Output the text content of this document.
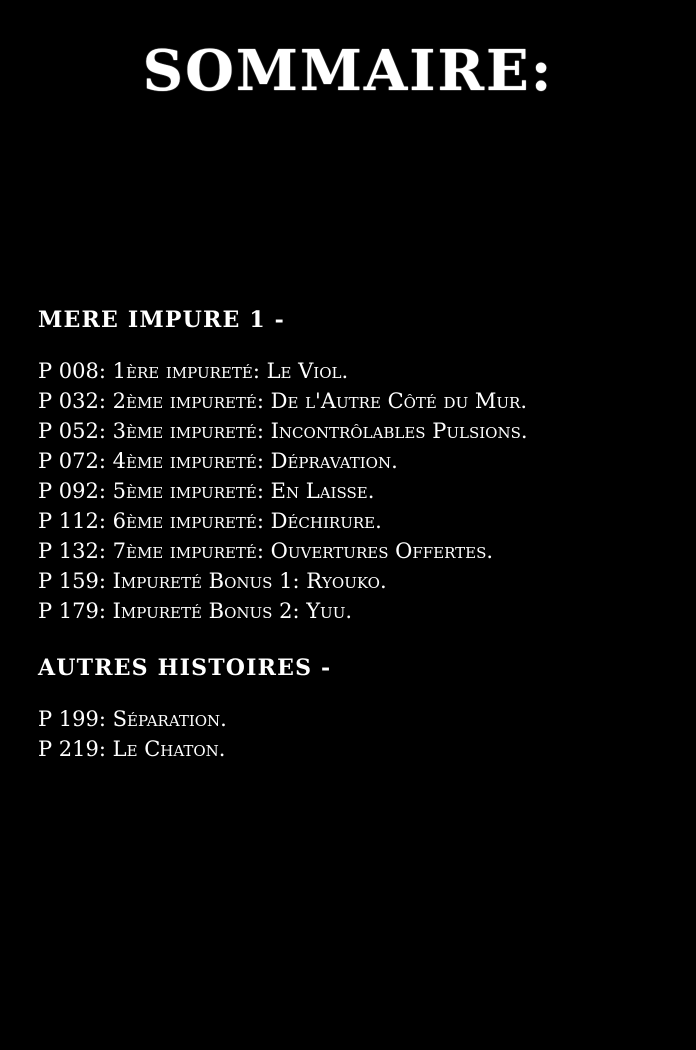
SOMMAIRE:
MERE IMPURE 1 -
P 008: 1ère impureté: Le Viol.
P 032: 2ème impureté: De l'Autre Côté du Mur.
P 052: 3ème impureté: Incontrôlables Pulsions.
P 072: 4ème impureté: Dépravation.
P 092: 5ème impureté: En Laisse.
P 112: 6ème impureté: Déchirure.
P 132: 7ème impureté: Ouvertures Offertes.
P 159: Impureté Bonus 1: Ryouko.
P 179: Impureté Bonus 2: Yuu.
AUTRES HISTOIRES -
P 199: Séparation.
P 219: Le Chaton.
